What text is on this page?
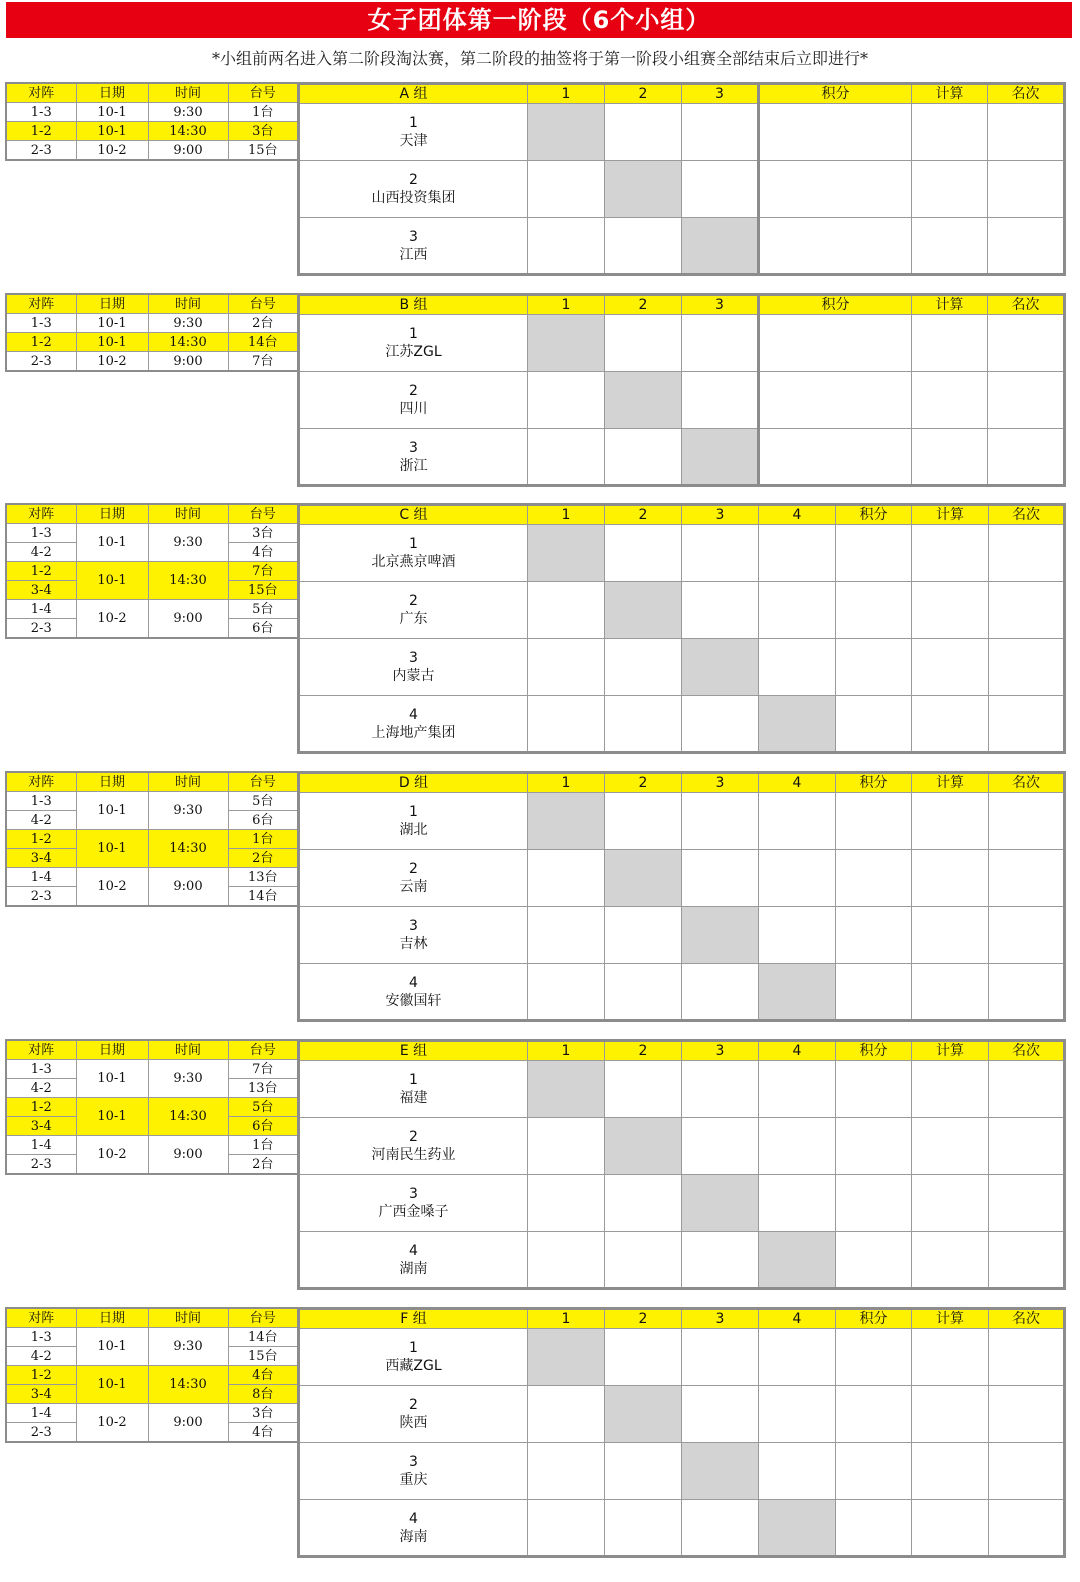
女子团体第一阶段（6个小组）
*小组前两名进入第二阶段淘汰赛，第二阶段的抽签将于第一阶段小组赛全部结束后立即进行*
对阵	日期	时间	台号
1-3	10-1	9:30	1台
1-2	10-1	14:30	3台
2-3	10-2	9:00	15台
A 组	1	2	3	积分	计算	名次

1
天津						

2
山西投资集团						

3
江西						

对阵	日期	时间	台号
1-3	10-1	9:30	2台
1-2	10-1	14:30	14台
2-3	10-2	9:00	7台
B 组	1	2	3	积分	计算	名次

1
江苏ZGL						

2
四川						

3
浙江						

对阵	日期	时间	台号
1-3	10-1	9:30	3台
4-2			4台
1-2	10-1	14:30	7台
3-4			15台
1-4	10-2	9:00	5台
2-3			6台
C 组	1	2	3	4	积分	计算	名次

1
北京燕京啤酒							

2
广东							

3
内蒙古							

4
上海地产集团							

对阵	日期	时间	台号
1-3	10-1	9:30	5台
4-2			6台
1-2	10-1	14:30	1台
3-4			2台
1-4	10-2	9:00	13台
2-3			14台
D 组	1	2	3	4	积分	计算	名次

1
湖北							

2
云南							

3
吉林							

4
安徽国轩							

对阵	日期	时间	台号
1-3	10-1	9:30	7台
4-2			13台
1-2	10-1	14:30	5台
3-4			6台
1-4	10-2	9:00	1台
2-3			2台
E 组	1	2	3	4	积分	计算	名次

1
福建							

2
河南民生药业							

3
广西金嗓子							

4
湖南							

对阵	日期	时间	台号
1-3	10-1	9:30	14台
4-2			15台
1-2	10-1	14:30	4台
3-4			8台
1-4	10-2	9:00	3台
2-3			4台
F 组	1	2	3	4	积分	计算	名次

1
西藏ZGL							

2
陕西							

3
重庆							

4
海南							
